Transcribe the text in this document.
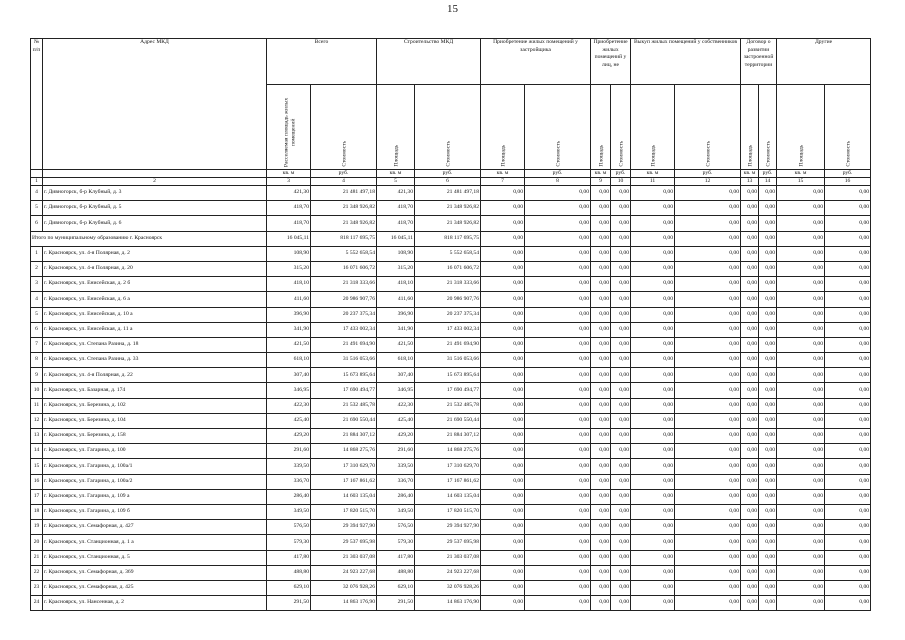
15
№ п/п	Адрес МКД	Всего		Строительство МКД		Приобретение жилых помещений у застройщика		Приобретение жилых помещений у лиц, не		Выкуп жилых помещений у собственников		Договор о развитии застроенной территории		Другие	

		Расселяемая площадь жилых помещений	Стоимость	Площадь	Стоимость	Площадь	Стоимость	Площадь	Стоимость	Площадь	Стоимость	Площадь	Стоимость	Площадь	Стоимость

		кв. м	руб.	кв. м	руб.	кв. м	руб.	кв. м	руб.	кв. м	руб.	кв. м	руб.	кв. м	руб.
1	2	3	4	5	6	7	8	9	10	11	12	13	14	15	16
4	г. Дивногорск, б-р Клубный, д. 3	421,30	21 481 497,18	421,30	21 481 497,18	0,00	0,00	0,00	0,00	0,00	0,00	0,00	0,00	0,00	0,00
5	г. Дивногорск, б-р Клубный, д. 5	418,70	21 348 926,82	418,70	21 348 926,82	0,00	0,00	0,00	0,00	0,00	0,00	0,00	0,00	0,00	0,00
6	г. Дивногорск, б-р Клубный, д. 6	418,70	21 348 926,82	418,70	21 348 926,82	0,00	0,00	0,00	0,00	0,00	0,00	0,00	0,00	0,00	0,00
Итого по муниципальному образованию г. Красноярск		16 045,11	818 117 695,75	16 045,11	818 117 695,75	0,00	0,00	0,00	0,00	0,00	0,00	0,00	0,00	0,00	0,00
1	г. Красноярск, ул. 4-я Полярная, д. 2	108,90	5 552 658,54	108,90	5 552 658,54	0,00	0,00	0,00	0,00	0,00	0,00	0,00	0,00	0,00	0,00
2	г. Красноярск, ул. 4-я Полярная, д. 20	315,20	16 071 606,72	315,20	16 071 606,72	0,00	0,00	0,00	0,00	0,00	0,00	0,00	0,00	0,00	0,00
3	г. Красноярск, ул. Енисейская, д. 2 б	418,10	21 318 333,66	418,10	21 318 333,66	0,00	0,00	0,00	0,00	0,00	0,00	0,00	0,00	0,00	0,00
4	г. Красноярск, ул. Енисейская, д. 6 а	411,60	20 986 907,76	411,60	20 986 907,76	0,00	0,00	0,00	0,00	0,00	0,00	0,00	0,00	0,00	0,00
5	г. Красноярск, ул. Енисейская, д. 10 а	396,90	20 237 375,34	396,90	20 237 375,34	0,00	0,00	0,00	0,00	0,00	0,00	0,00	0,00	0,00	0,00
6	г. Красноярск, ул. Енисейская, д. 11 а	341,90	17 433 002,34	341,90	17 433 002,34	0,00	0,00	0,00	0,00	0,00	0,00	0,00	0,00	0,00	0,00
7	г. Красноярск, ул. Степана Разина, д. 18	421,50	21 491 694,90	421,50	21 491 694,90	0,00	0,00	0,00	0,00	0,00	0,00	0,00	0,00	0,00	0,00
8	г. Красноярск, ул. Степана Разина, д. 33	618,10	31 516 053,66	618,10	31 516 053,66	0,00	0,00	0,00	0,00	0,00	0,00	0,00	0,00	0,00	0,00
9	г. Красноярск, ул. 4-я Полярная, д. 22	307,40	15 673 895,64	307,40	15 673 895,64	0,00	0,00	0,00	0,00	0,00	0,00	0,00	0,00	0,00	0,00
10	г. Красноярск, ул. Базарная, д. 174	346,95	17 690 494,77	346,95	17 690 494,77	0,00	0,00	0,00	0,00	0,00	0,00	0,00	0,00	0,00	0,00
11	г. Красноярск, ул. Березина, д. 102	422,30	21 532 485,78	422,30	21 532 485,78	0,00	0,00	0,00	0,00	0,00	0,00	0,00	0,00	0,00	0,00
12	г. Красноярск, ул. Березина, д. 104	425,40	21 690 550,44	425,40	21 690 550,44	0,00	0,00	0,00	0,00	0,00	0,00	0,00	0,00	0,00	0,00
13	г. Красноярск, ул. Березина, д. 158	429,20	21 884 307,12	429,20	21 884 307,12	0,00	0,00	0,00	0,00	0,00	0,00	0,00	0,00	0,00	0,00
14	г. Красноярск, ул. Гагарина, д. 100	291,60	14 868 275,76	291,60	14 868 275,76	0,00	0,00	0,00	0,00	0,00	0,00	0,00	0,00	0,00	0,00
15	г. Красноярск, ул. Гагарина, д. 100а/1	339,50	17 310 629,70	339,50	17 310 629,70	0,00	0,00	0,00	0,00	0,00	0,00	0,00	0,00	0,00	0,00
16	г. Красноярск, ул. Гагарина, д. 100а/2	336,70	17 167 861,62	336,70	17 167 861,62	0,00	0,00	0,00	0,00	0,00	0,00	0,00	0,00	0,00	0,00
17	г. Красноярск, ул. Гагарина, д. 109 а	286,40	14 603 135,04	286,40	14 603 135,04	0,00	0,00	0,00	0,00	0,00	0,00	0,00	0,00	0,00	0,00
18	г. Красноярск, ул. Гагарина, д. 109 б	349,50	17 820 515,70	349,50	17 820 515,70	0,00	0,00	0,00	0,00	0,00	0,00	0,00	0,00	0,00	0,00
19	г. Красноярск, ул. Семафорная, д. 427	576,50	29 394 927,90	576,50	29 394 927,90	0,00	0,00	0,00	0,00	0,00	0,00	0,00	0,00	0,00	0,00
20	г. Красноярск, ул. Станционная, д. 1 а	579,30	29 537 695,98	579,30	29 537 695,98	0,00	0,00	0,00	0,00	0,00	0,00	0,00	0,00	0,00	0,00
21	г. Красноярск, ул. Станционная, д. 5	417,80	21 303 037,08	417,80	21 303 037,08	0,00	0,00	0,00	0,00	0,00	0,00	0,00	0,00	0,00	0,00
22	г. Красноярск, ул. Семафорная, д. 369	488,80	24 923 227,68	488,80	24 923 227,68	0,00	0,00	0,00	0,00	0,00	0,00	0,00	0,00	0,00	0,00
23	г. Красноярск, ул. Семафорная, д. 425	629,10	32 076 928,26	629,10	32 076 928,26	0,00	0,00	0,00	0,00	0,00	0,00	0,00	0,00	0,00	0,00
24	г. Красноярск, ул. Нансенная, д. 2	291,50	14 863 176,90	291,50	14 863 176,90	0,00	0,00	0,00	0,00	0,00	0,00	0,00	0,00	0,00	0,00
